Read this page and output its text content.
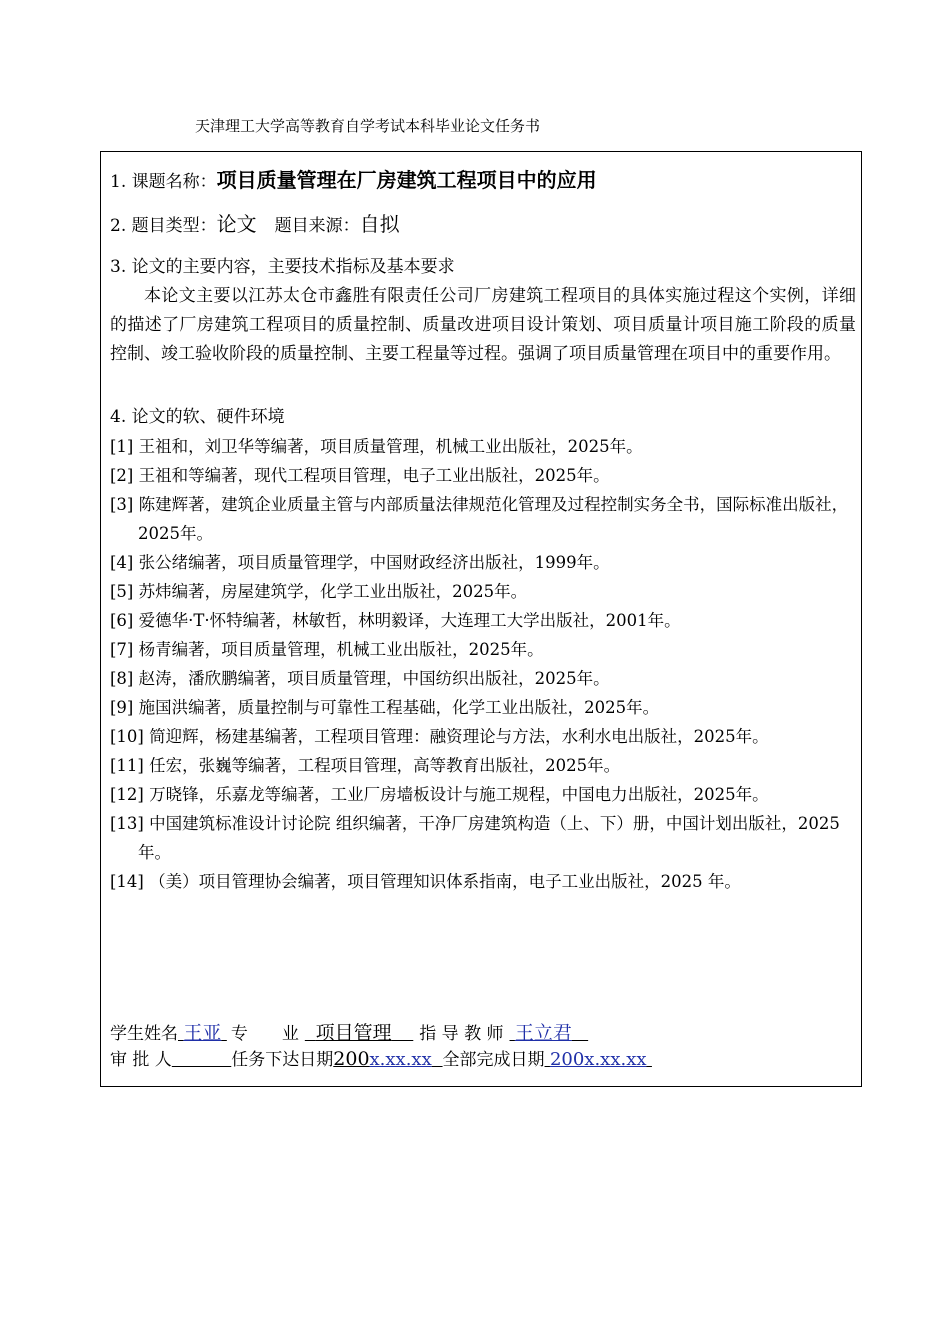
天津理工大学高等教育自学考试本科毕业论文任务书
1. 课题名称：项目质量管理在厂房建筑工程项目中的应用
2. 题目类型：论文 题目来源：自拟
3. 论文的主要内容，主要技术指标及基本要求
本论文主要以江苏太仓市鑫胜有限责任公司厂房建筑工程项目的具体实施过程这个实例，详细的描述了厂房建筑工程项目的质量控制、质量改进项目设计策划、项目质量计项目施工阶段的质量控制、竣工验收阶段的质量控制、主要工程量等过程。强调了项目质量管理在项目中的重要作用。
4. 论文的软、硬件环境
[1] 王祖和，刘卫华等编著，项目质量管理，机械工业出版社，2025年。
[2] 王祖和等编著，现代工程项目管理，电子工业出版社，2025年。
[3] 陈建辉著，建筑企业质量主管与内部质量法律规范化管理及过程控制实务全书，国际标准出版社，2025年。
[4] 张公绪编著，项目质量管理学，中国财政经济出版社，1999年。
[5] 苏炜编著，房屋建筑学，化学工业出版社，2025年。
[6] 爱德华·T·怀特编著，林敏哲，林明毅译，大连理工大学出版社，2001年。
[7] 杨青编著，项目质量管理，机械工业出版社，2025年。
[8] 赵涛，潘欣鹏编著，项目质量管理，中国纺织出版社，2025年。
[9] 施国洪编著，质量控制与可靠性工程基础，化学工业出版社，2025年。
[10] 简迎辉，杨建基编著，工程项目管理：融资理论与方法，水利水电出版社，2025年。
[11] 任宏，张巍等编著，工程项目管理，高等教育出版社，2025年。
[12] 万晓锋，乐嘉龙等编著，工业厂房墙板设计与施工规程，中国电力出版社，2025年。
[13] 中国建筑标准设计讨论院 组织编著，干净厂房建筑构造（上、下）册，中国计划出版社，2025年。
[14] （美）项目管理协会编著，项目管理知识体系指南，电子工业出版社，2025 年。
学生姓名 王亚 专　　业 项目管理 指 导 教 师 王立君
审 批 人	任务下达日期200x.xx.xx 全部完成日期 200x.xx.xx
